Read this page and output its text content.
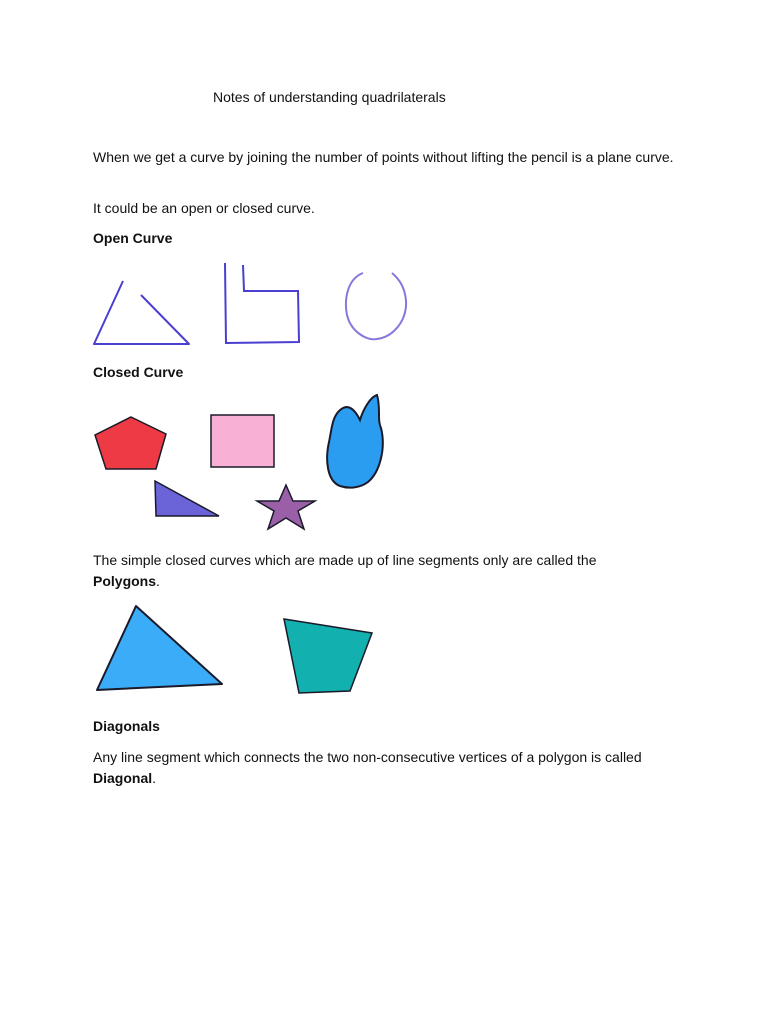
Notes of understanding quadrilaterals

When we get a curve by joining the number of points without lifting the pencil is a plane curve.

It could be an open or closed curve.

Open Curve

Closed Curve

The simple closed curves which are made up of line segments only are called the Polygons.

Diagonals

Any line segment which connects the two non-consecutive vertices of a polygon is called Diagonal.
